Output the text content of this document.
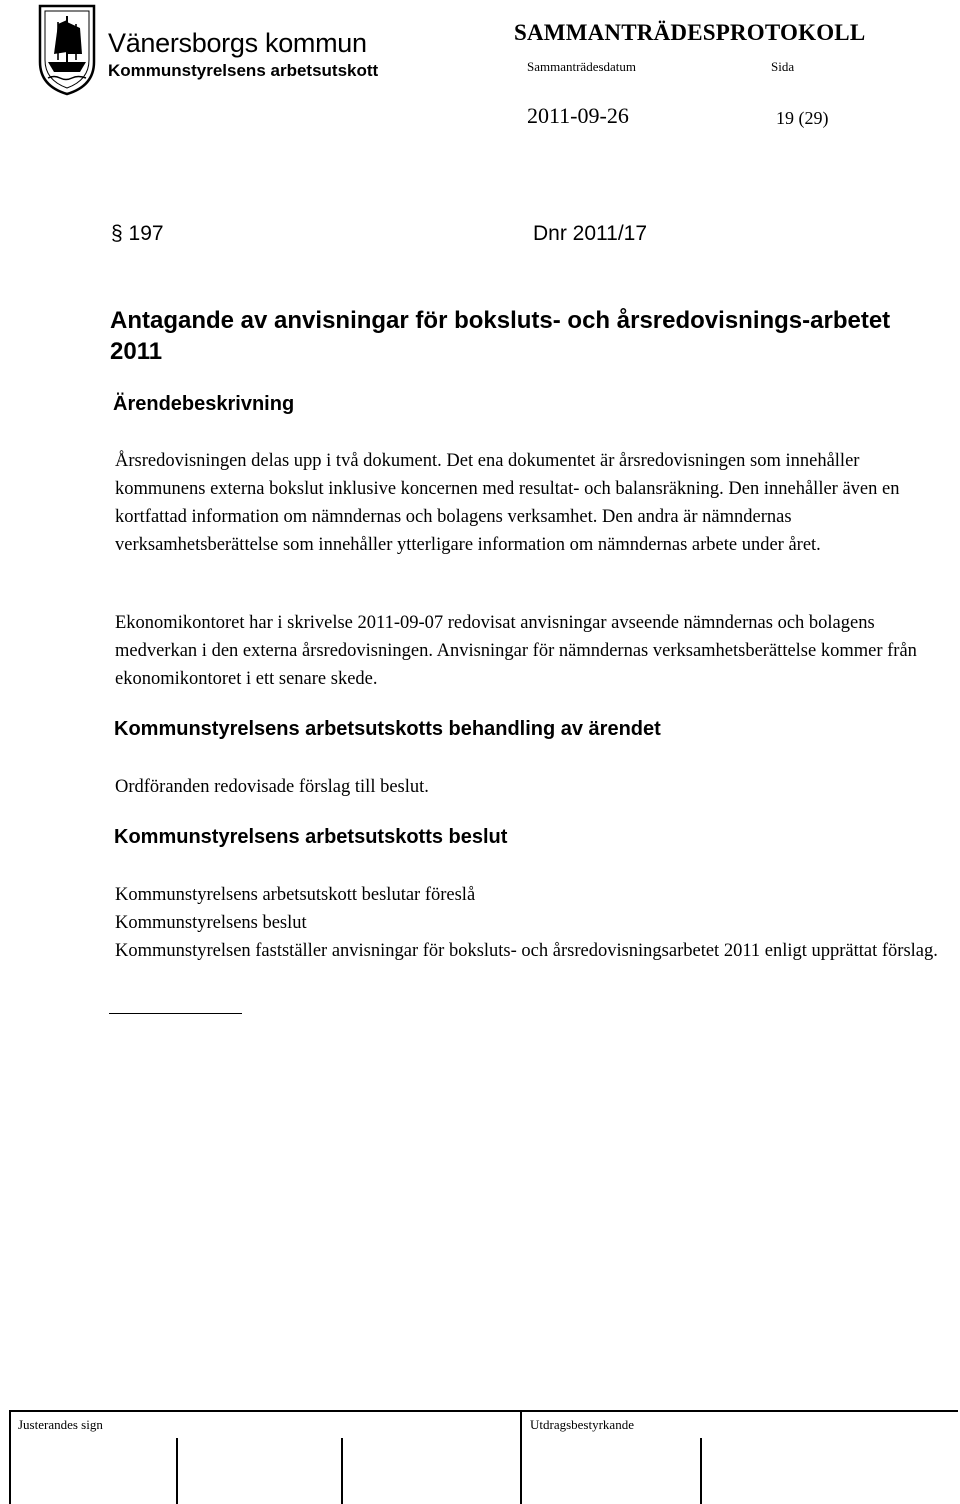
Vänersborgs kommun
Kommunstyrelsens arbetsutskott
SAMMANTRÄDESPROTOKOLL
Sammanträdesdatum	Sida
2011-09-26	19 (29)
§ 197	Dnr 2011/17
Antagande av anvisningar för boksluts- och årsredovisnings-arbetet 2011
Ärendebeskrivning

Årsredovisningen delas upp i två dokument. Det ena dokumentet är årsredovisningen som innehåller kommunens externa bokslut inklusive koncernen med resultat- och balansräkning. Den innehåller även en kortfattad information om nämndernas och bolagens verksamhet. Den andra är nämndernas verksamhetsberättelse som innehåller ytterligare information om nämndernas arbete under året.

Ekonomikontoret har i skrivelse 2011-09-07 redovisat anvisningar avseende nämndernas och bolagens medverkan i den externa årsredovisningen. Anvisningar för nämndernas verksamhetsberättelse kommer från ekonomikontoret i ett senare skede.

Kommunstyrelsens arbetsutskotts behandling av ärendet

Ordföranden redovisade förslag till beslut.

Kommunstyrelsens arbetsutskotts beslut
Kommunstyrelsens arbetsutskott beslutar föreslå
Kommunstyrelsens beslut
Kommunstyrelsen fastställer anvisningar för boksluts- och årsredovisningsarbetet 2011 enligt upprättat förslag.
Justerandes sign	Utdragsbestyrkande
